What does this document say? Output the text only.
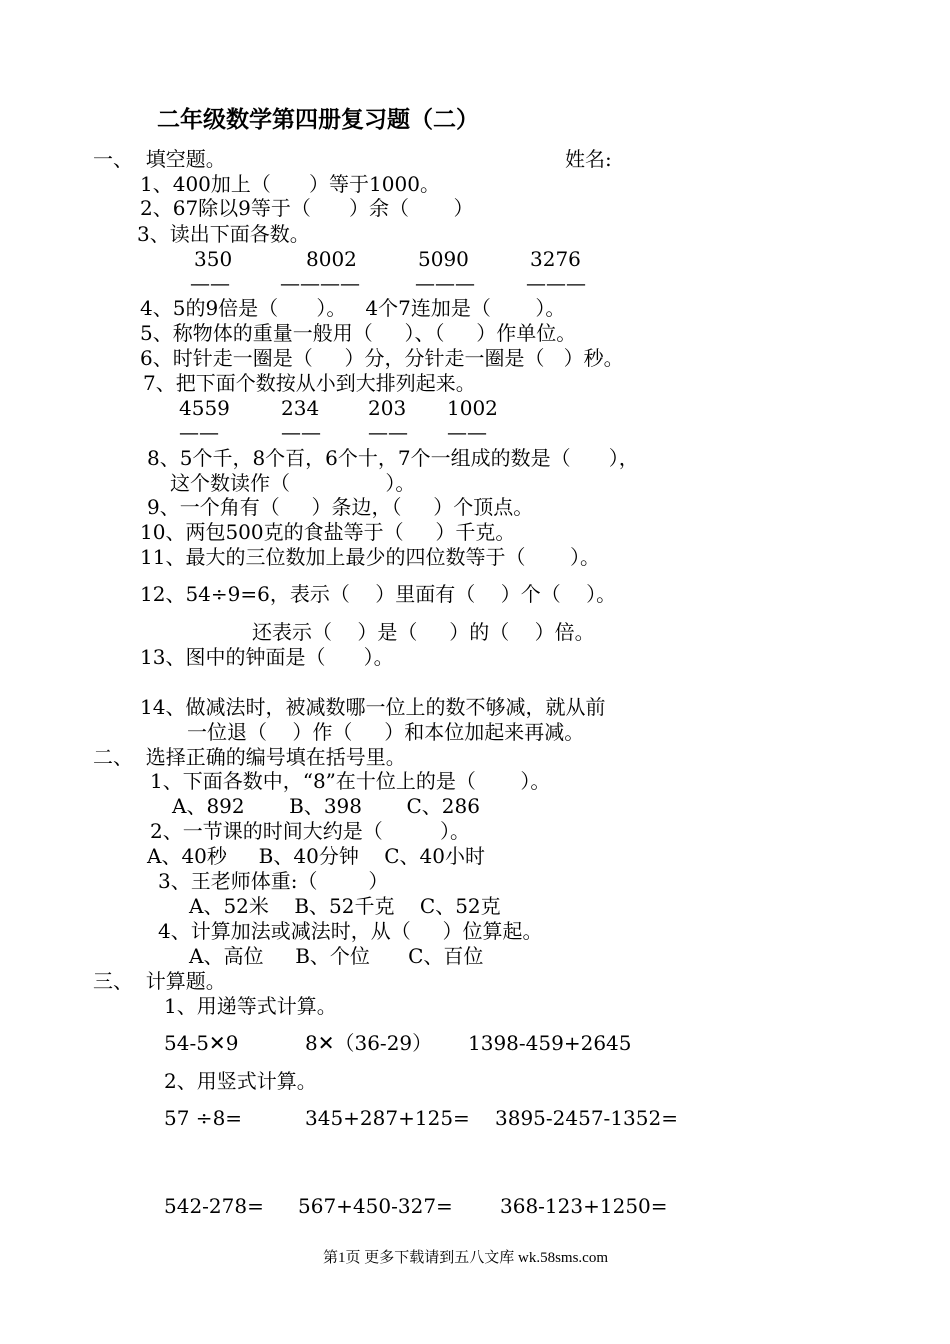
二年级数学第四册复习题（二）
一、  填空题。	姓名:
1、400加上（      ）等于1000。
2、67除以9等于（      ）余（       ）
3、读出下面各数。
350	8002	5090	3276
——	————	———	———
4、5的9倍是（      ）。   4个7连加是（       ）。
5、称物体的重量一般用（     ）、（     ）作单位。
6、时针走一圈是（     ）分，分针走一圈是（   ）秒。
7、把下面个数按从小到大排列起来。
4559	234 203 1002
——	—— —— ——
8、5个千，8个百，6个十，7个一组成的数是（      ），
这个数读作（               ）。
9、一个角有（     ）条边，（     ）个顶点。
10、两包500克的食盐等于（     ）千克。
11、最大的三位数加上最少的四位数等于（       ）。
12、54÷9=6，表示（    ）里面有（    ）个（    ）。
还表示（    ）是（     ）的（    ）倍。
13、图中的钟面是（      ）。
14、做减法时，被减数哪一位上的数不够减，就从前
一位退（    ）作（     ）和本位加起来再减。
二、  选择正确的编号填在括号里。
1、下面各数中，“8”在十位上的是（       ）。
A、892       B、398       C、286
2、一节课的时间大约是（         ）。
A、40秒     B、40分钟    C、40小时
3、王老师体重:（        ）
A、52米    B、52千克    C、52克
4、计算加法或减法时，从（     ）位算起。
A、高位     B、个位      C、百位
三、  计算题。
1、用递等式计算。
54-5✕9	8✕（36-29） 1398-459+2645
2、用竖式计算。
57 ÷8=	345+287+125= 3895-2457-1352=
542-278= 567+450-327= 368-123+1250=
第1页 更多下载请到五八文库 wk.58sms.com
